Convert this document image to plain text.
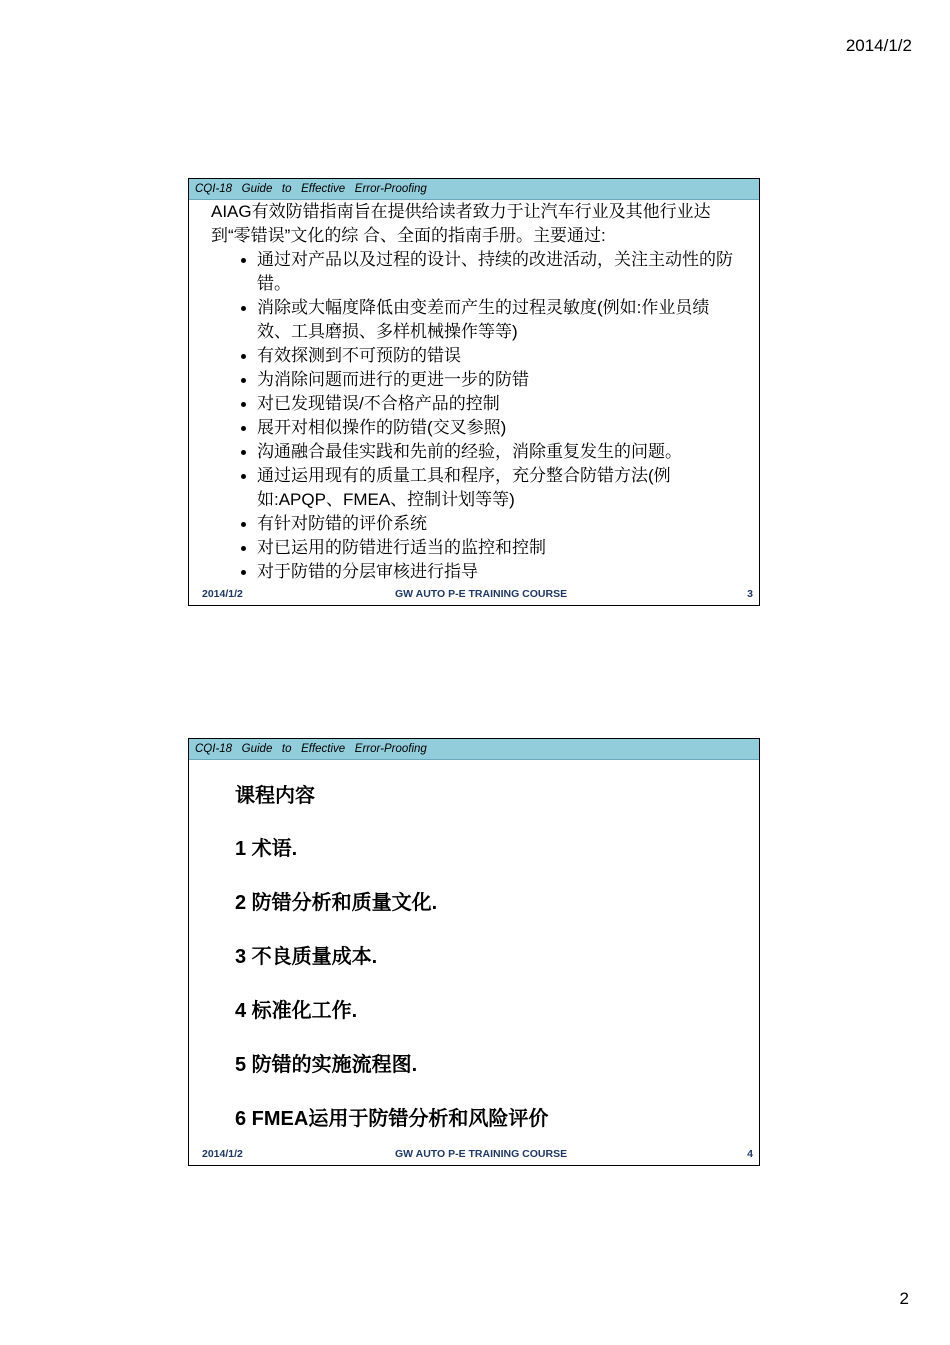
2014/1/2
CQI-18   Guide   to   Effective   Error-Proofing

AIAG有效防错指南旨在提供给读者致力于让汽车行业及其他行业达到“零错误”文化的综 合、全面的指南手册。主要通过:

通过对产品以及过程的设计、持续的改进活动，关注主动性的防错。
消除或大幅度降低由变差而产生的过程灵敏度(例如:作业员绩效、工具磨损、多样机械操作等等)
有效探测到不可预防的错误
为消除问题而进行的更进一步的防错
对已发现错误/不合格产品的控制
展开对相似操作的防错(交叉参照)
沟通融合最佳实践和先前的经验，消除重复发生的问题。
通过运用现有的质量工具和程序，充分整合防错方法(例如:APQP、FMEA、控制计划等等)
有针对防错的评价系统
对已运用的防错进行适当的监控和控制
对于防错的分层审核进行指导
2014/1/2	GW AUTO P-E TRAINING COURSE	3
CQI-18   Guide   to   Effective   Error-Proofing
课程内容
1 术语.
2 防错分析和质量文化.
3 不良质量成本.
4 标准化工作.
5 防错的实施流程图.
6 FMEA运用于防错分析和风险评价
2014/1/2	GW AUTO P-E TRAINING COURSE	4
2
